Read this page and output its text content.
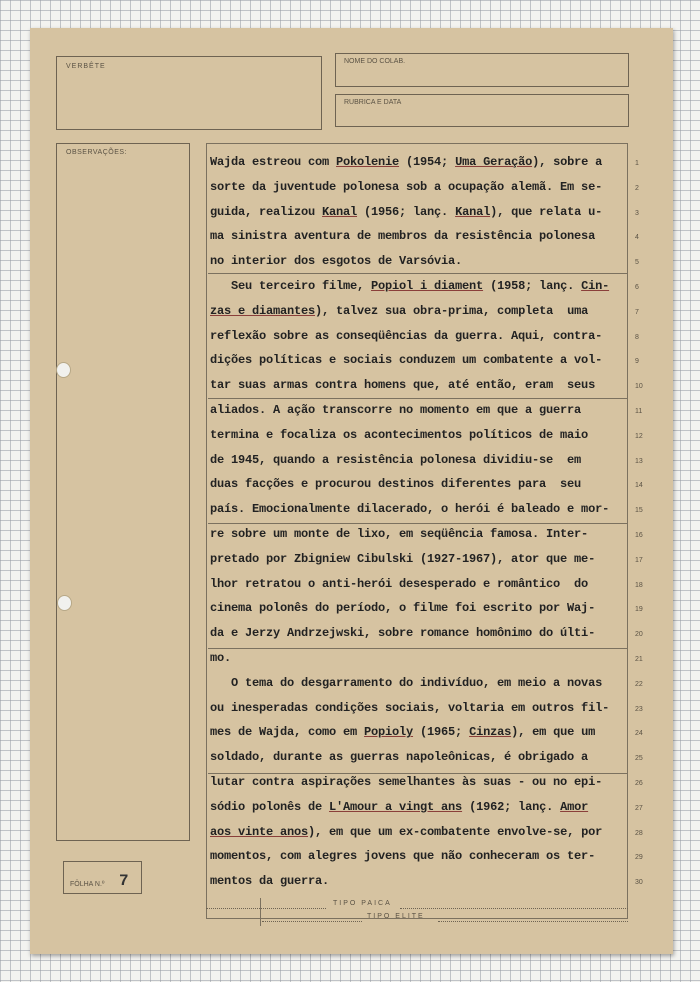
VERBÊTE
NOME DO COLAB.
RUBRICA E DATA
OBSERVAÇÕES:
FÔLHA N.º 7
Wajda estreou com Pokolenie (1954; Uma Geração), sobre a	1
sorte da juventude polonesa sob a ocupação alemã. Em se-	2
guida, realizou Kanal (1956; lanç. Kanal), que relata u-	3
ma sinistra aventura de membros da resistência polonesa	4
no interior dos esgotos de Varsóvia.	5
Seu terceiro filme, Popiol i diament (1958; lanç. Cin-	6
zas e diamantes), talvez sua obra-prima, completa  uma	7
reflexão sobre as conseqüências da guerra. Aqui, contra-	8
dições políticas e sociais conduzem um combatente a vol-	9
tar suas armas contra homens que, até então, eram  seus	10
aliados. A ação transcorre no momento em que a guerra	11
termina e focaliza os acontecimentos políticos de maio	12
de 1945, quando a resistência polonesa dividiu-se  em	13
duas facções e procurou destinos diferentes para  seu	14
país. Emocionalmente dilacerado, o herói é baleado e mor-	15
re sobre um monte de lixo, em seqüência famosa. Inter-	16
pretado por Zbigniew Cibulski (1927-1967), ator que me-	17
lhor retratou o anti-herói desesperado e romântico  do	18
cinema polonês do período, o filme foi escrito por Waj-	19
da e Jerzy Andrzejwski, sobre romance homônimo do últi-	20
mo.	21
O tema do desgarramento do indivíduo, em meio a novas	22
ou inesperadas condições sociais, voltaria em outros fil-	23
mes de Wajda, como em Popioly (1965; Cinzas), em que um	24
soldado, durante as guerras napoleônicas, é obrigado a	25
lutar contra aspirações semelhantes às suas - ou no epi-	26
sódio polonês de L'Amour a vingt ans (1962; lanç. Amor	27
aos vinte anos), em que um ex-combatente envolve-se, por	28
momentos, com alegres jovens que não conheceram os ter-	29
mentos da guerra.	30
TIPO PAICA
TIPO ELITE
